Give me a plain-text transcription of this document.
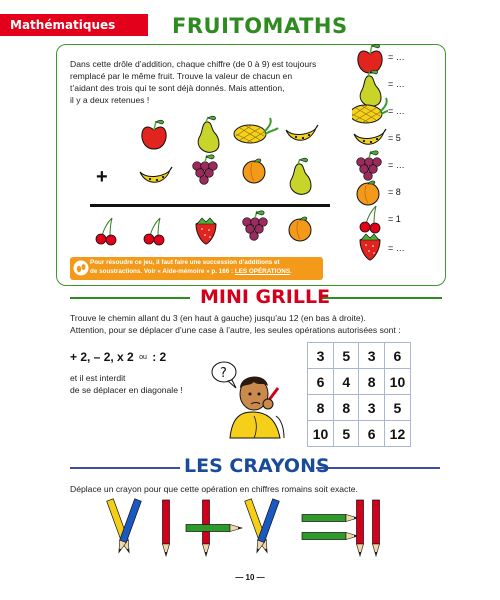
Mathématiques	FRUITOMATHS
Dans cette drôle d’addition, chaque chiffre (de 0 à 9) est toujours
remplacé par le même fruit. Trouve la valeur de chacun en
t’aidant des trois qui te sont déjà donnés. Mais attention,
il y a deux retenues !
+
= …
= …
= …
= 5
= …
= 8
= 1
= …
Pour résoudre ce jeu, il faut faire une succession d’additions et
de soustractions. Voir « Aide-mémoire » p. 166 : LES OPÉRATIONS.
MINI GRILLE
Trouve le chemin allant du 3 (en haut à gauche) jusqu’au 12 (en bas à droite).
Attention, pour se déplacer d’une case à l’autre, les seules opérations autorisées sont :
+ 2, – 2, x 2 ou : 2
et il est interdit
de se déplacer en diagonale !
?
3	5	3	6
6	4	8	10
8	8	3	5
10	5	6	12
LES CRAYONS
Déplace un crayon pour que cette opération en chiffres romains soit exacte.
— 10 —
